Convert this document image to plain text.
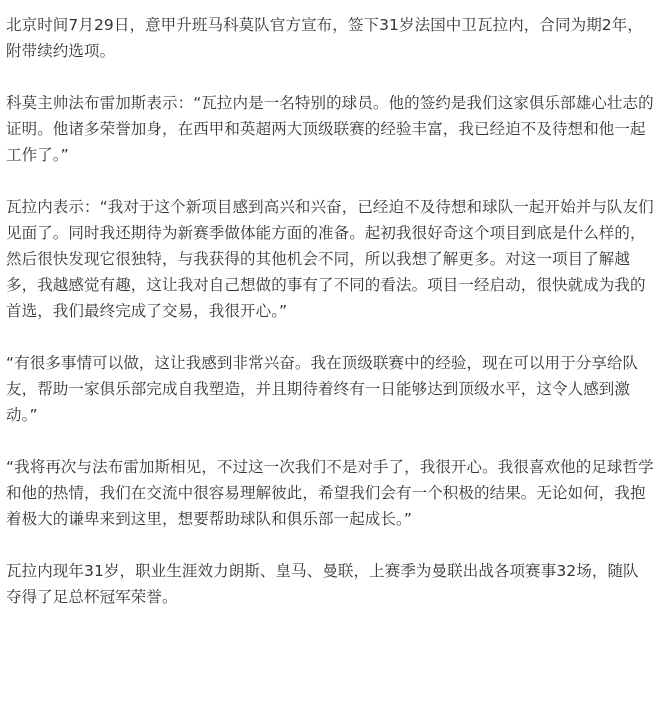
北京时间7月29日，意甲升班马科莫队官方宣布，签下31岁法国中卫瓦拉内，合同为期2年，附带续约选项。

科莫主帅法布雷加斯表示：“瓦拉内是一名特别的球员。他的签约是我们这家俱乐部雄心壮志的证明。他诸多荣誉加身，在西甲和英超两大顶级联赛的经验丰富，我已经迫不及待想和他一起工作了。”

瓦拉内表示：“我对于这个新项目感到高兴和兴奋，已经迫不及待想和球队一起开始并与队友们见面了。同时我还期待为新赛季做体能方面的准备。起初我很好奇这个项目到底是什么样的，然后很快发现它很独特，与我获得的其他机会不同，所以我想了解更多。对这一项目了解越多，我越感觉有趣，这让我对自己想做的事有了不同的看法。项目一经启动，很快就成为我的首选，我们最终完成了交易，我很开心。”

“有很多事情可以做，这让我感到非常兴奋。我在顶级联赛中的经验，现在可以用于分享给队友，帮助一家俱乐部完成自我塑造，并且期待着终有一日能够达到顶级水平，这令人感到激动。”

“我将再次与法布雷加斯相见，不过这一次我们不是对手了，我很开心。我很喜欢他的足球哲学和他的热情，我们在交流中很容易理解彼此，希望我们会有一个积极的结果。无论如何，我抱着极大的谦卑来到这里，想要帮助球队和俱乐部一起成长。”

瓦拉内现年31岁，职业生涯效力朗斯、皇马、曼联，上赛季为曼联出战各项赛事32场，随队夺得了足总杯冠军荣誉。
